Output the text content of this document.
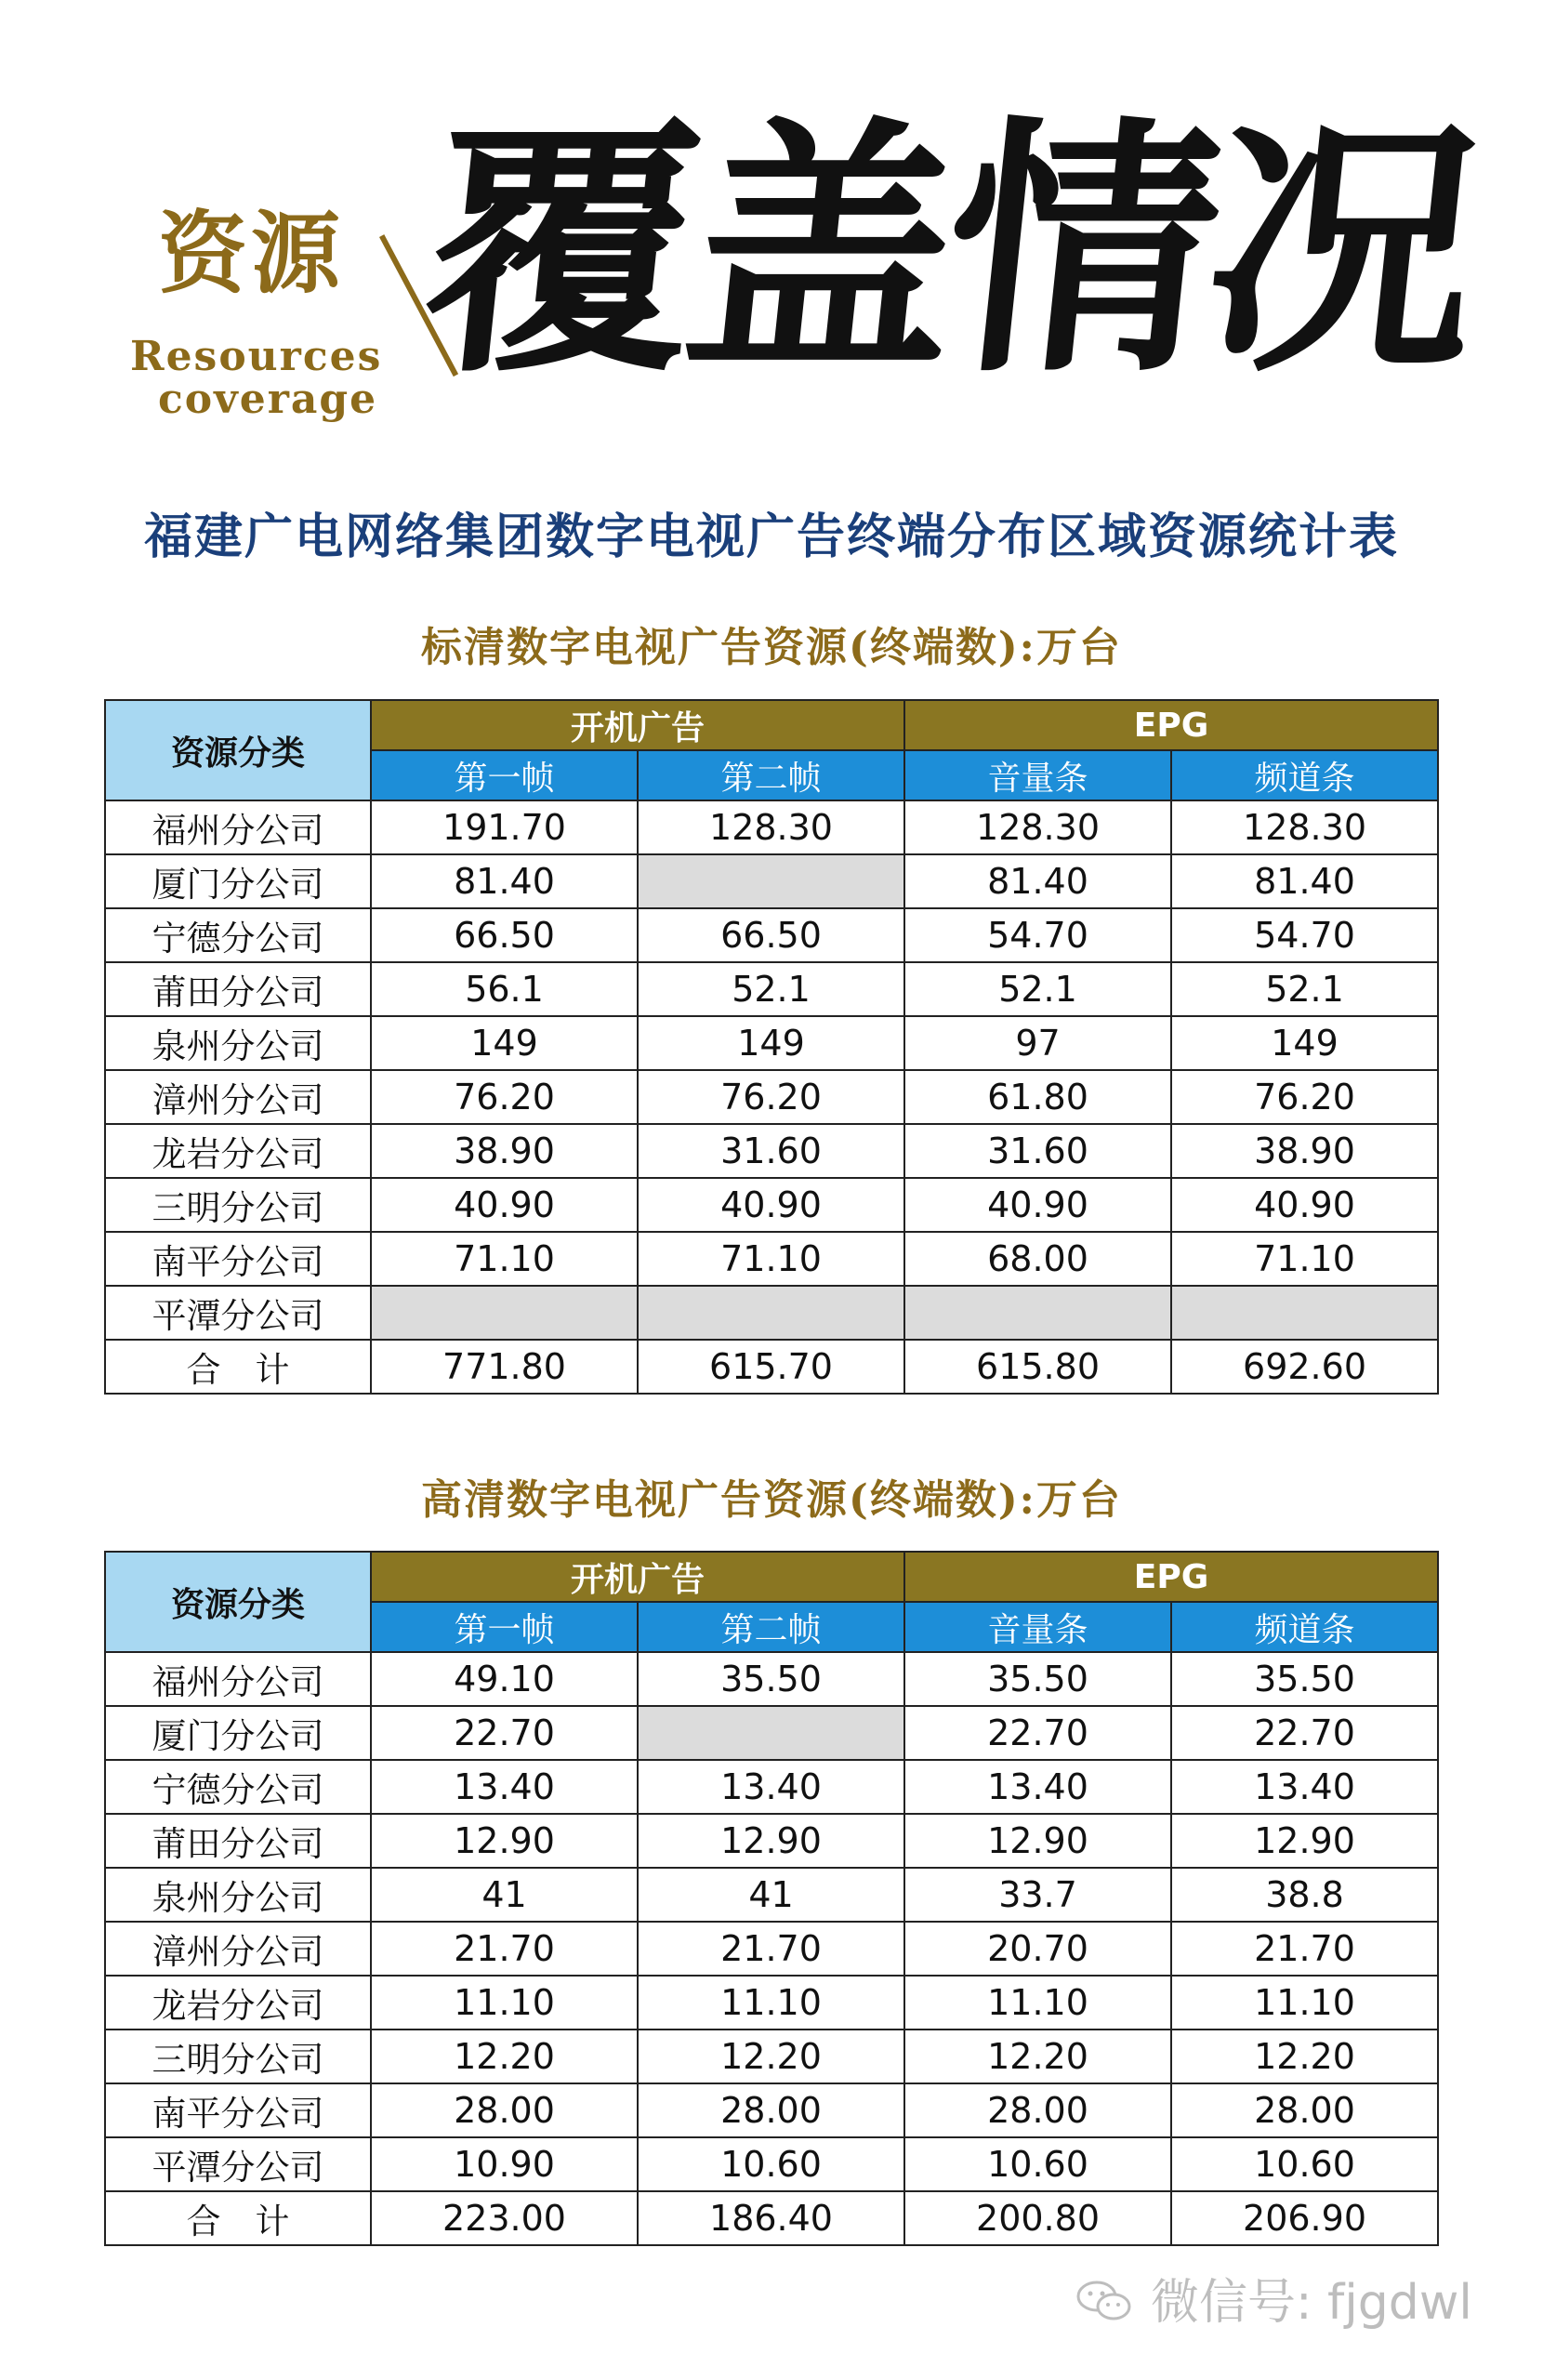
资源
Resources
coverage 覆盖情况
福建广电网络集团数字电视广告终端分布区域资源统计表
标清数字电视广告资源(终端数):万台
资源分类	开机广告		EPG	
	第一帧	第二帧	音量条	频道条
福州分公司	191.70	128.30	128.30	128.30
厦门分公司	81.40		81.40	81.40
宁德分公司	66.50	66.50	54.70	54.70
莆田分公司	56.1	52.1	52.1	52.1
泉州分公司	149	149	97	149
漳州分公司	76.20	76.20	61.80	76.20
龙岩分公司	38.90	31.60	31.60	38.90
三明分公司	40.90	40.90	40.90	40.90
南平分公司	71.10	71.10	68.00	71.10
平潭分公司				
合　计	771.80	615.70	615.80	692.60
高清数字电视广告资源(终端数):万台
资源分类	开机广告		EPG	
	第一帧	第二帧	音量条	频道条
福州分公司	49.10	35.50	35.50	35.50
厦门分公司	22.70		22.70	22.70
宁德分公司	13.40	13.40	13.40	13.40
莆田分公司	12.90	12.90	12.90	12.90
泉州分公司	41	41	33.7	38.8
漳州分公司	21.70	21.70	20.70	21.70
龙岩分公司	11.10	11.10	11.10	11.10
三明分公司	12.20	12.20	12.20	12.20
南平分公司	28.00	28.00	28.00	28.00
平潭分公司	10.90	10.60	10.60	10.60
合　计	223.00	186.40	200.80	206.90
微信号: fjgdwl
